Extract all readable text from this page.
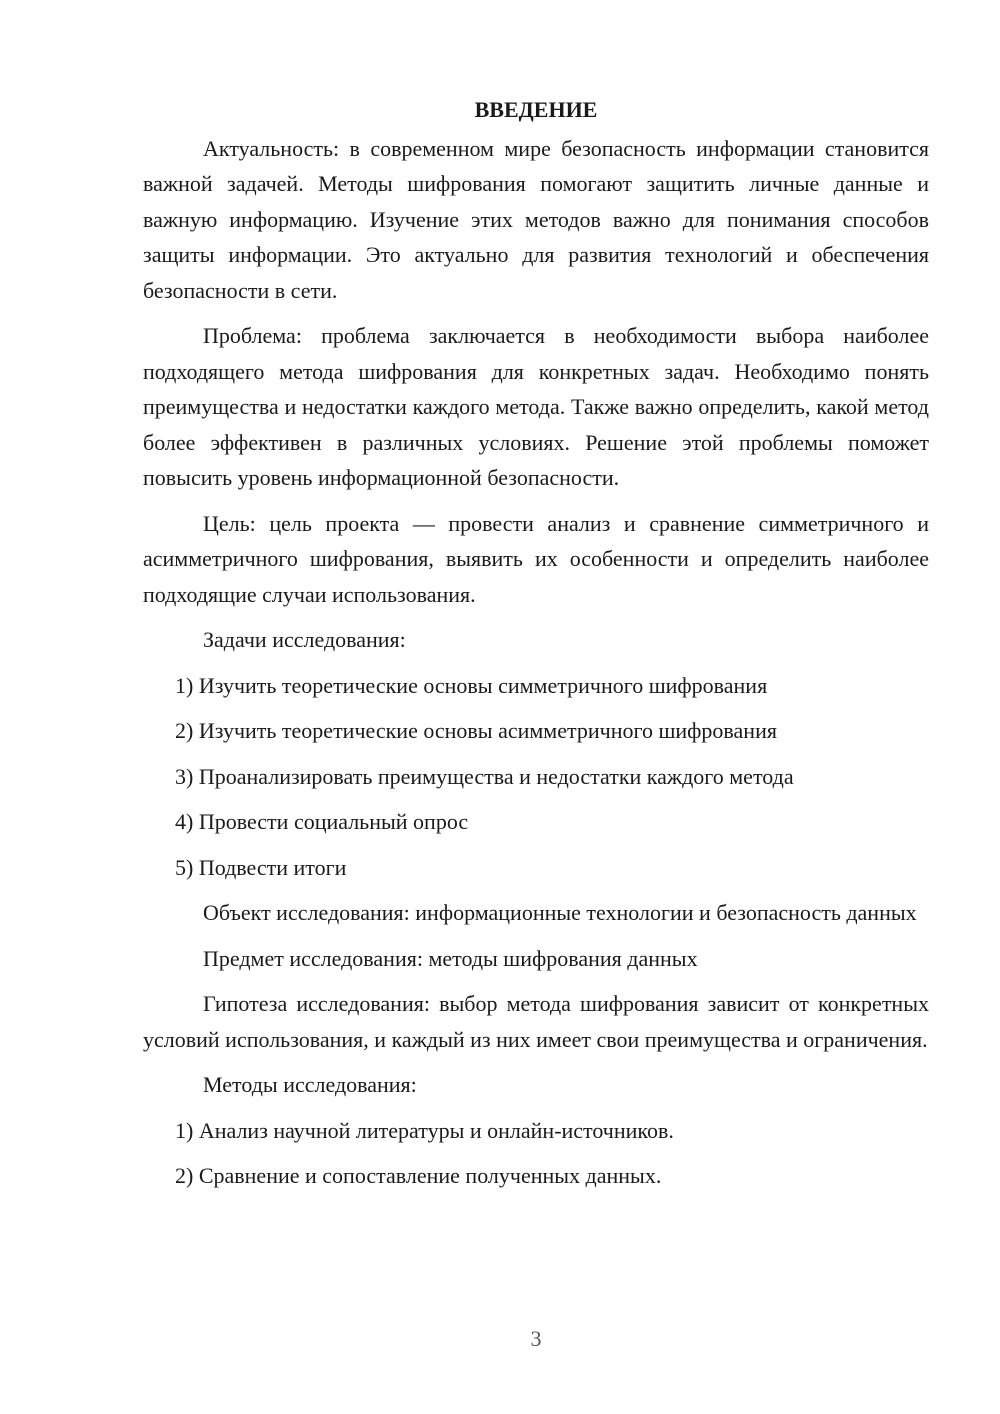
ВВЕДЕНИЕ

Актуальность: в современном мире безопасность информации становится важной задачей. Методы шифрования помогают защитить личные данные и важную информацию. Изучение этих методов важно для понимания способов защиты информации. Это актуально для развития технологий и обеспечения безопасности в сети.

Проблема: проблема заключается в необходимости выбора наиболее подходящего метода шифрования для конкретных задач. Необходимо понять преимущества и недостатки каждого метода. Также важно определить, какой метод более эффективен в различных условиях. Решение этой проблемы поможет повысить уровень информационной безопасности.

Цель: цель проекта — провести анализ и сравнение симметричного и асимметричного шифрования, выявить их особенности и определить наиболее подходящие случаи использования.

Задачи исследования:

1) Изучить теоретические основы симметричного шифрования
2) Изучить теоретические основы асимметричного шифрования
3) Проанализировать преимущества и недостатки каждого метода
4) Провести социальный опрос
5) Подвести итоги

Объект исследования: информационные технологии и безопасность данных

Предмет исследования: методы шифрования данных

Гипотеза исследования: выбор метода шифрования зависит от конкретных условий использования, и каждый из них имеет свои преимущества и ограничения.

Методы исследования:

1) Анализ научной литературы и онлайн-источников.
2) Сравнение и сопоставление полученных данных.
3
